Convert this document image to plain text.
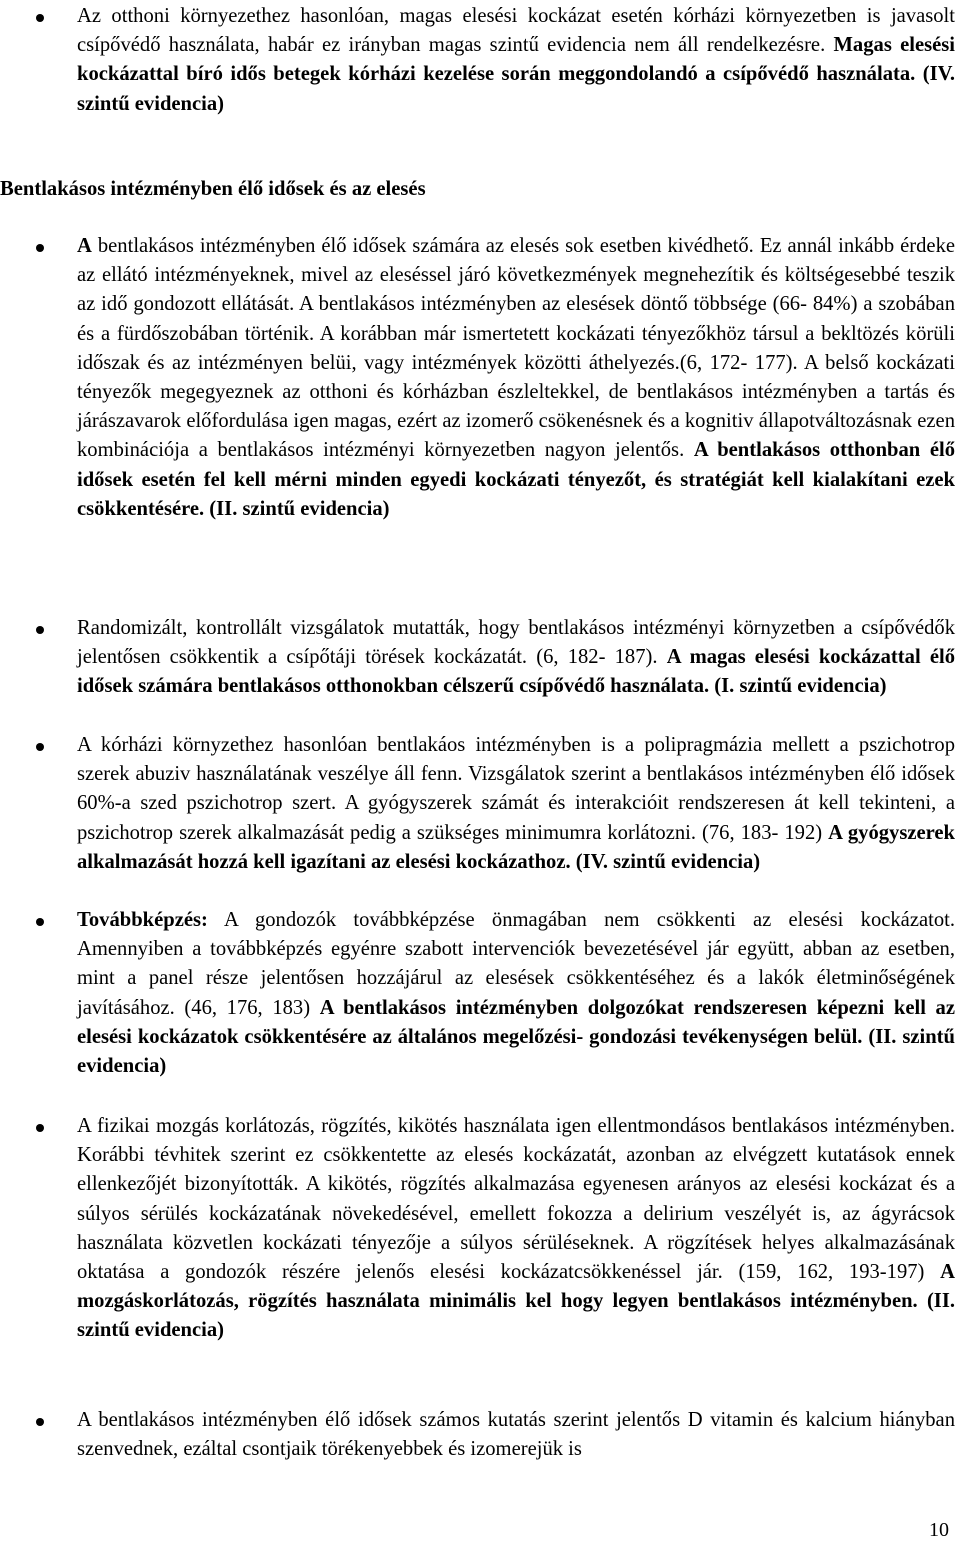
Az otthoni környezethez hasonlóan, magas elesési kockázat esetén kórházi környezetben is javasolt csípővédő használata, habár ez irányban magas szintű evidencia nem áll rendelkezésre. Magas elesési kockázattal bíró idős betegek kórházi kezelése során meggondolandó a csípővédő használata. (IV. szintű evidencia)

Bentlakásos intézményben élő idősek és az elesés

A bentlakásos intézményben élő idősek számára az elesés sok esetben kivédhető. Ez annál inkább érdeke az ellátó intézményeknek, mivel az eleséssel járó következmények megnehezítik és költségesebbé teszik az idő gondozott ellátását. A bentlakásos intézményben az elesések döntő többsége (66- 84%) a szobában és a fürdőszobában történik. A korábban már ismertetett kockázati tényezőkhöz társul a bekltözés körüli időszak és az intézményen belüi, vagy intézmények közötti áthelyezés.(6, 172- 177). A belső kockázati tényezők megegyeznek az otthoni és kórházban észleltekkel, de bentlakásos intézményben a tartás és járászavarok előfordulása igen magas, ezért az izomerő csökenésnek és a kognitiv állapotváltozásnak ezen kombinációja a bentlakásos intézményi környezetben nagyon jelentős. A bentlakásos otthonban élő idősek esetén fel kell mérni minden egyedi kockázati tényezőt, és stratégiát kell kialakítani ezek csökkentésére. (II. szintű evidencia)

Randomizált, kontrollált vizsgálatok mutatták, hogy bentlakásos intézményi környzetben a csípővédők jelentősen csökkentik a csípőtáji törések kockázatát. (6, 182- 187). A magas elesési kockázattal élő idősek számára bentlakásos otthonokban célszerű csípővédő használata. (I. szintű evidencia)

A kórházi környzethez hasonlóan bentlakáos intézményben is a polipragmázia mellett a pszichotrop szerek abuziv használatának veszélye áll fenn. Vizsgálatok szerint a bentlakásos intézményben élő idősek 60%-a szed pszichotrop szert. A gyógyszerek számát és interakcióit rendszeresen át kell tekinteni, a pszichotrop szerek alkalmazását pedig a szükséges minimumra korlátozni. (76, 183- 192) A gyógyszerek alkalmazását hozzá kell igazítani az elesési kockázathoz. (IV. szintű evidencia)

Továbbképzés: A gondozók továbbképzése önmagában nem csökkenti az elesési kockázatot. Amennyiben a továbbképzés egyénre szabott intervenciók bevezetésével jár együtt, abban az esetben, mint a panel része jelentősen hozzájárul az elesések csökkentéséhez és a lakók életminőségének javításához. (46, 176, 183) A bentlakásos intézményben dolgozókat rendszeresen képezni kell az elesési kockázatok csökkentésére az általános megelőzési- gondozási tevékenységen belül. (II. szintű evidencia)

A fizikai mozgás korlátozás, rögzítés, kikötés használata igen ellentmondásos bentlakásos intézményben. Korábbi tévhitek szerint ez csökkentette az elesés kockázatát, azonban az elvégzett kutatások ennek ellenkezőjét bizonyították. A kikötés, rögzítés alkalmazása egyenesen arányos az elesési kockázat és a súlyos sérülés kockázatának növekedésével, emellett fokozza a delirium veszélyét is, az ágyrácsok használata közvetlen kockázati tényezője a súlyos sérüléseknek. A rögzítések helyes alkalmazásának oktatása a gondozók részére jelenős elesési kockázatcsökkenéssel jár. (159, 162, 193-197) A mozgáskorlátozás, rögzítés használata minimális kel hogy legyen bentlakásos intézményben. (II. szintű evidencia)

A bentlakásos intézményben élő idősek számos kutatás szerint jelentős D vitamin és kalcium hiányban szenvednek, ezáltal csontjaik törékenyebbek és izomerejük is

10
